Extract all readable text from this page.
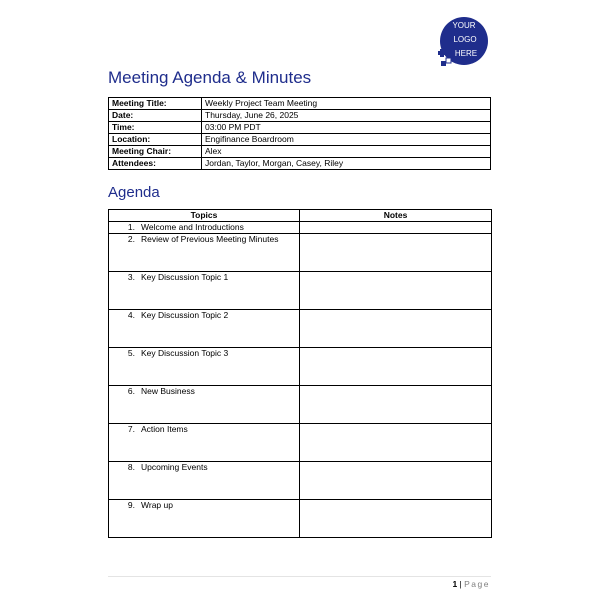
YOUR
LOGO
HERE
Meeting Agenda & Minutes
Meeting Title:	Weekly Project Team Meeting
Date:	Thursday, June 26, 2025
Time:	03:00 PM PDT
Location:	Engifinance Boardroom
Meeting Chair:	Alex
Attendees:	Jordan, Taylor, Morgan, Casey, Riley
Agenda
Topics	Notes
1. Welcome and Introductions	
2. Review of Previous Meeting Minutes	
3. Key Discussion Topic 1	
4. Key Discussion Topic 2	
5. Key Discussion Topic 3	
6. New Business	
7. Action Items	
8. Upcoming Events	
9. Wrap up	
1 | Page
